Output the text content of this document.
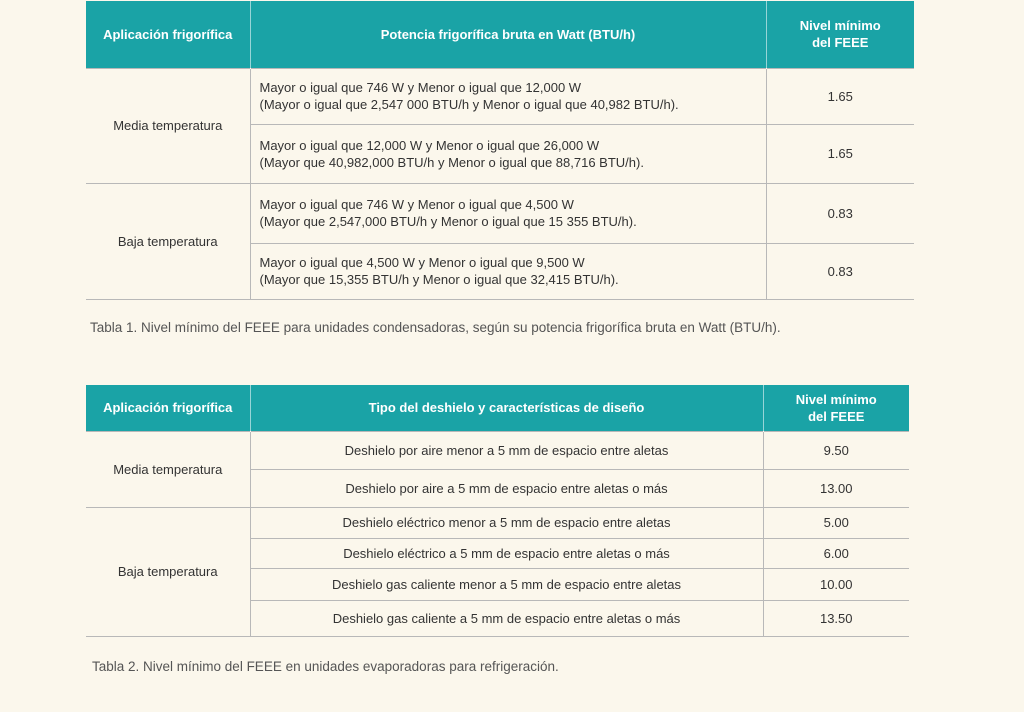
Aplicación frigorífica	Potencia frigorífica bruta en Watt (BTU/h)	Nivel mínimo
del FEEE

Media temperatura	Mayor o igual que 746 W y Menor o igual que 12,000 W
(Mayor o igual que 2,547 000 BTU/h y Menor o igual que 40,982 BTU/h).	1.65

	Mayor o igual que 12,000 W y Menor o igual que 26,000 W
(Mayor que 40,982,000 BTU/h y Menor o igual que 88,716 BTU/h).	1.65
Baja temperatura	Mayor o igual que 746 W y Menor o igual que 4,500 W
(Mayor que 2,547,000 BTU/h y Menor o igual que 15 355 BTU/h).	0.83

	Mayor o igual que 4,500 W y Menor o igual que 9,500 W
(Mayor que 15,355 BTU/h y Menor o igual que 32,415 BTU/h).	0.83
Tabla 1. Nivel mínimo del FEEE para unidades condensadoras, según su potencia frigorífica bruta en Watt (BTU/h).
Aplicación frigorífica	Tipo del deshielo y características de diseño	Nivel mínimo
del FEEE

Media temperatura	Deshielo por aire menor a 5 mm de espacio entre aletas	9.50
	Deshielo por aire a 5 mm de espacio entre aletas o más	13.00
Baja temperatura	Deshielo eléctrico menor a 5 mm de espacio entre aletas	5.00
	Deshielo eléctrico a 5 mm de espacio entre aletas o más	6.00
	Deshielo gas caliente menor a 5 mm de espacio entre aletas	10.00
	Deshielo gas caliente a 5 mm de espacio entre aletas o más	13.50
Tabla 2. Nivel mínimo del FEEE en unidades evaporadoras para refrigeración.
